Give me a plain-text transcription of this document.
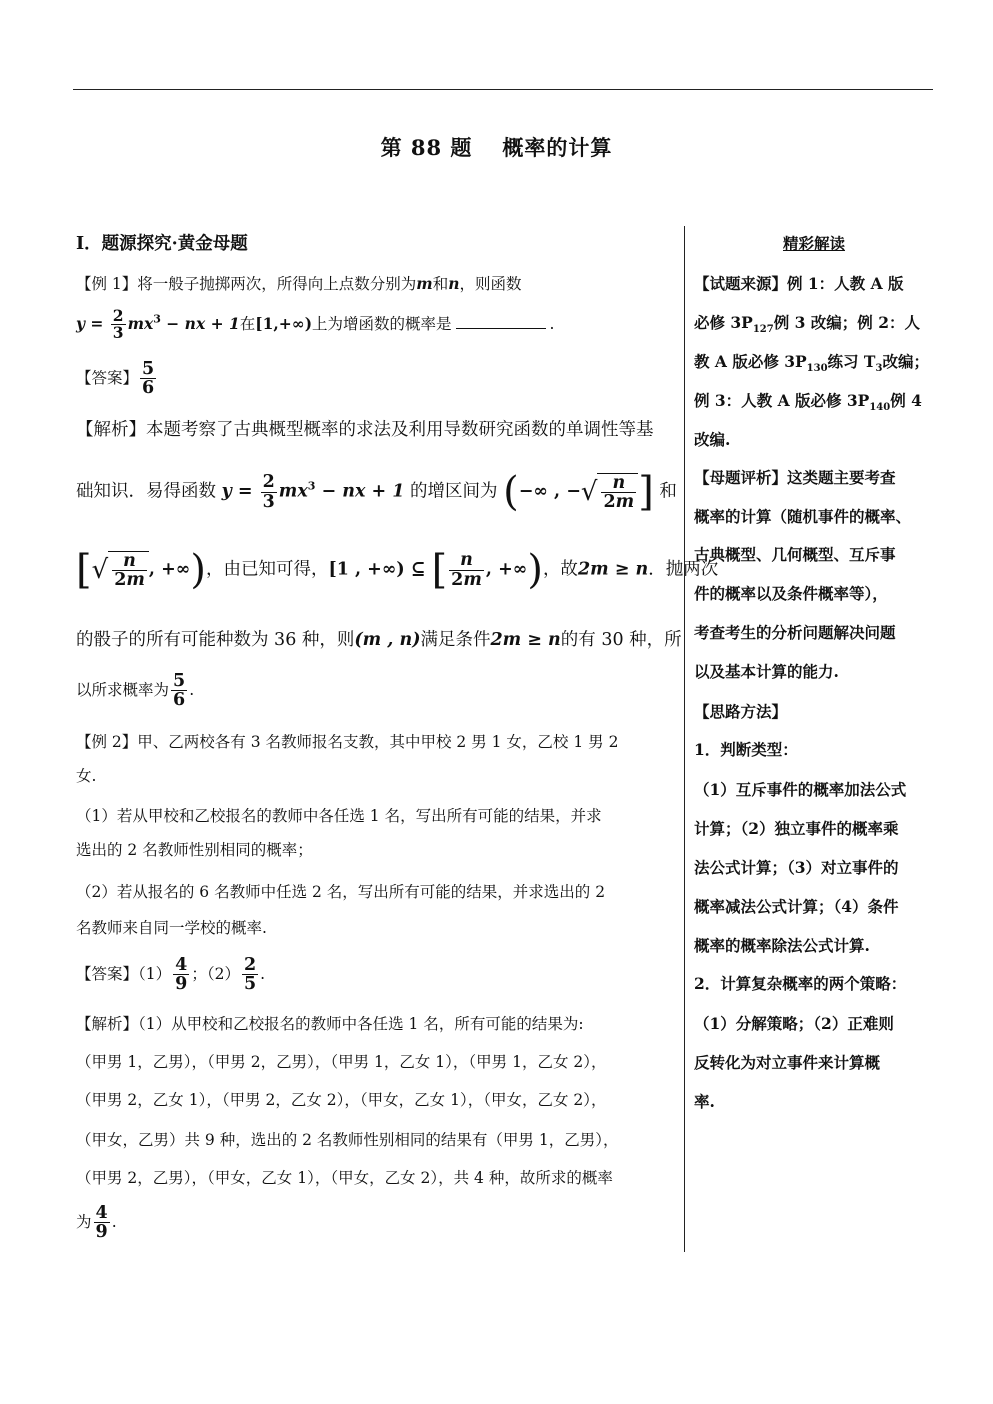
第 88 题 概率的计算
I．题源探究·黄金母题
【例 1】将一般子抛掷两次，所得向上点数分别为m和n，则函数
$y = \frac{2}{3} mx^3$ − nx + 1在[1,+∞)上为增函数的概率是	.
【答案】 $\frac{5}{6}$
【解析】本题考察了古典概型概率的求法及利用导数研究函数的单调性等基
础知识．易得函数 $y = \frac{2}{3} mx^3$ − nx + 1 的增区间为 (−∞ , − √ $\frac{n}{2m}$ ] 和
[ √ $\frac{n}{2m}$ , +∞)，由已知可得，[1 , +∞) ⊆ [ $\frac{n}{2m}$ , +∞)，故2m ≥ n．抛两次
的骰子的所有可能种数为 36 种，则(m , n)满足条件2m ≥ n的有 30 种，所
以所求概率为 $\frac{5}{6}$ .
【例 2】甲、乙两校各有 3 名教师报名支教，其中甲校 2 男 1 女，乙校 1 男 2
女.
（1）若从甲校和乙校报名的教师中各任选 1 名，写出所有可能的结果，并求
选出的 2 名教师性别相同的概率；
（2）若从报名的 6 名教师中任选 2 名，写出所有可能的结果，并求选出的 2
名教师来自同一学校的概率.
【答案】$(1) \frac{4}{9}$ ；$(2) \frac{2}{5}$ .
【解析】（1）从甲校和乙校报名的教师中各任选 1 名，所有可能的结果为:
（甲男 1，乙男），（甲男 2，乙男），（甲男 1，乙女 1），（甲男 1，乙女 2），
（甲男 2，乙女 1），（甲男 2，乙女 2），（甲女，乙女 1），（甲女，乙女 2），
（甲女，乙男）共 9 种，选出的 2 名教师性别相同的结果有（甲男 1，乙男），
（甲男 2，乙男），（甲女，乙女 1），（甲女，乙女 2），共 4 种，故所求的概率
为 $\frac{4}{9}$ .
精彩解读
【试题来源】例 1：人教 A 版
必修 $3P_{127}$例 3 改编；例 2：人
教 A 版必修 $3P_{130}$练习 $T_3$改编；
例 3：人教 A 版必修 $3P_{140}$例 4
改编.
【母题评析】这类题主要考查
概率的计算（随机事件的概率、
古典概型、几何概型、互斥事
件的概率以及条件概率等），
考查考生的分析问题解决问题
以及基本计算的能力.
【思路方法】
1．判断类型：
（1）互斥事件的概率加法公式
计算；（2）独立事件的概率乘
法公式计算；（3）对立事件的
概率减法公式计算；（4）条件
概率的概率除法公式计算.
2．计算复杂概率的两个策略：
（1）分解策略；（2）正难则
反转化为对立事件来计算概
率.
